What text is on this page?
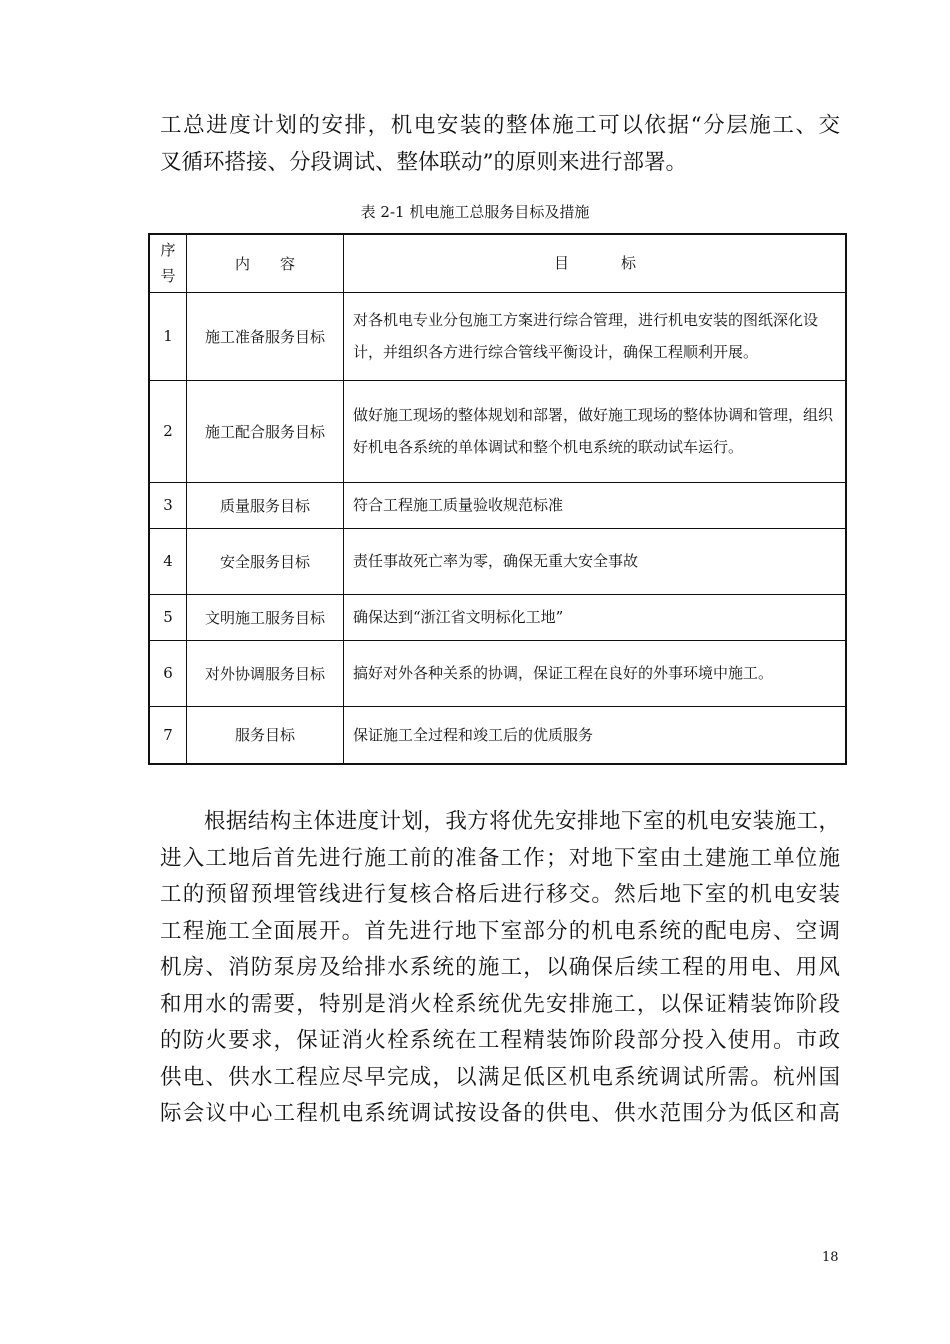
工总进度计划的安排，机电安装的整体施工可以依据“分层施工、交
叉循环搭接、分段调试、整体联动”的原则来进行部署。
表 2-1 机电施工总服务目标及措施
序
号	内 容	目 标
1	施工准备服务目标	对各机电专业分包施工方案进行综合管理，进行机电安装的图纸深化设计，并组织各方进行综合管线平衡设计，确保工程顺利开展。
2	施工配合服务目标	做好施工现场的整体规划和部署，做好施工现场的整体协调和管理，组织好机电各系统的单体调试和整个机电系统的联动试车运行。
3	质量服务目标	符合工程施工质量验收规范标准
4	安全服务目标	责任事故死亡率为零，确保无重大安全事故
5	文明施工服务目标	确保达到“浙江省文明标化工地”
6	对外协调服务目标	搞好对外各种关系的协调，保证工程在良好的外事环境中施工。
7	服务目标	保证施工全过程和竣工后的优质服务
　　根据结构主体进度计划，我方将优先安排地下室的机电安装施工，
进入工地后首先进行施工前的准备工作；对地下室由土建施工单位施
工的预留预埋管线进行复核合格后进行移交。然后地下室的机电安装
工程施工全面展开。首先进行地下室部分的机电系统的配电房、空调
机房、消防泵房及给排水系统的施工，以确保后续工程的用电、用风
和用水的需要，特别是消火栓系统优先安排施工，以保证精装饰阶段
的防火要求，保证消火栓系统在工程精装饰阶段部分投入使用。市政
供电、供水工程应尽早完成，以满足低区机电系统调试所需。杭州国
际会议中心工程机电系统调试按设备的供电、供水范围分为低区和高
18
